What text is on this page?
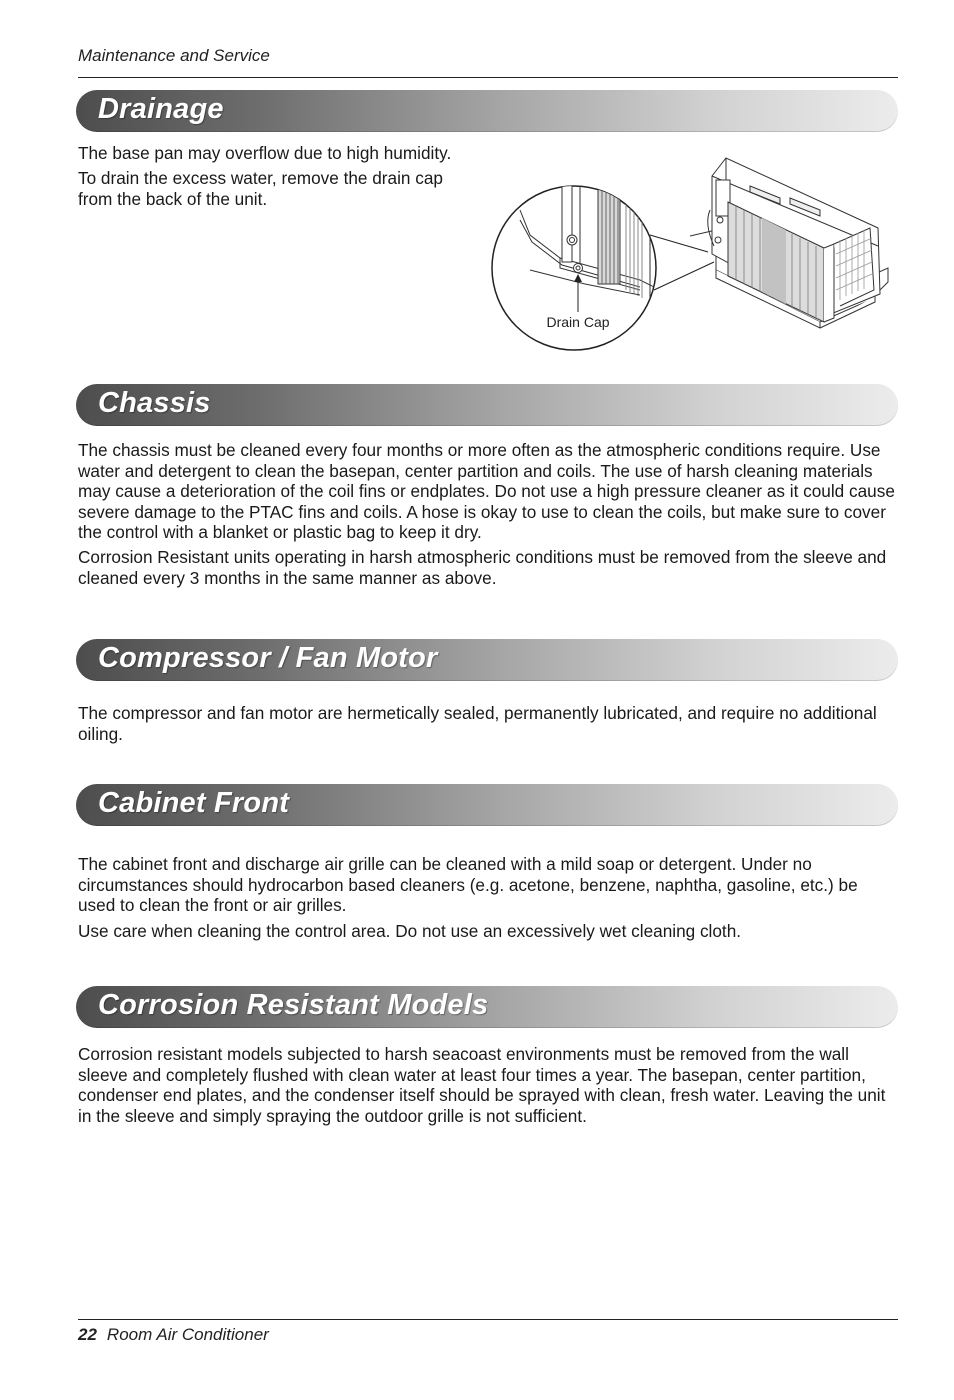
Maintenance and Service
Drainage

The base pan may overflow due to high humidity.

To drain the excess water, remove the drain cap from the back of the unit.

Drain Cap
Chassis

The chassis must be cleaned every four months or more often as the atmospheric conditions require. Use water and detergent to clean the basepan, center partition and coils. The use of harsh cleaning materials may cause a deterioration of the coil fins or endplates. Do not use a high pressure cleaner as it could cause severe damage to the PTAC fins and coils. A hose is okay to use to clean the coils, but make sure to cover the control with a blanket or plastic bag to keep it dry.

Corrosion Resistant units operating in harsh atmospheric conditions must be removed from the sleeve and cleaned every 3 months in the same manner as above.

Compressor / Fan Motor

The compressor and fan motor are hermetically sealed, permanently lubricated, and require no additional oiling.

Cabinet Front

The cabinet front and discharge air grille can be cleaned with a mild soap or detergent. Under no circumstances should hydrocarbon based cleaners (e.g. acetone, benzene, naphtha, gasoline, etc.) be used to clean the front or air grilles.

Use care when cleaning the control area. Do not use an excessively wet cleaning cloth.

Corrosion Resistant Models

Corrosion resistant models subjected to harsh seacoast environments must be removed from the wall sleeve and completely flushed with clean water at least four times a year. The basepan, center partition, condenser end plates, and the condenser itself should be sprayed with clean, fresh water. Leaving the unit in the sleeve and simply spraying the outdoor grille is not sufficient.

22 Room Air Conditioner
